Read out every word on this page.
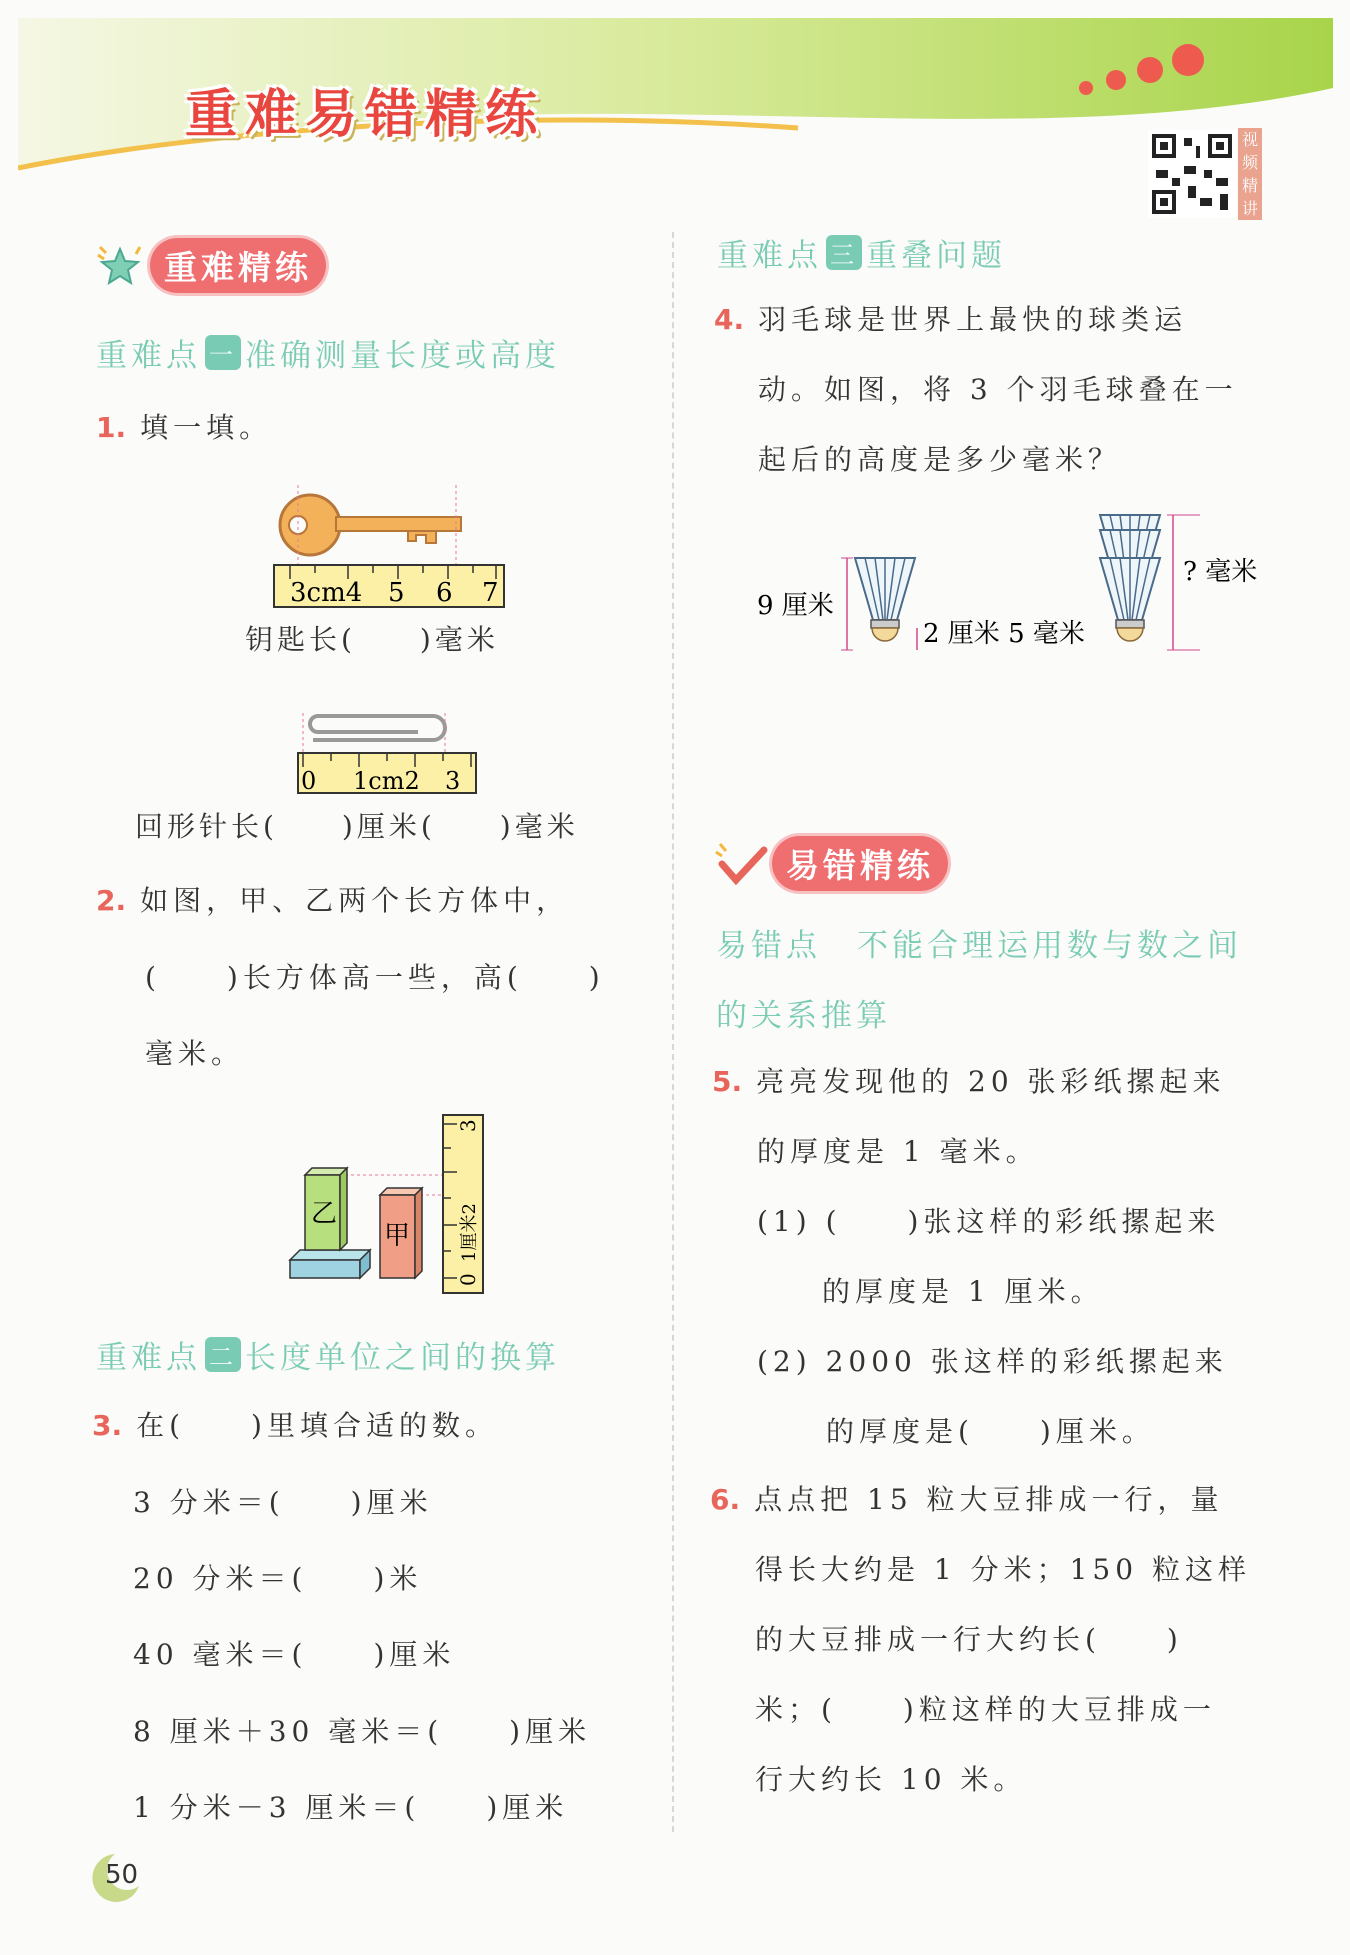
重难易错精练	视频精讲
重难精练
重难点 一 准确测量长度或高度
1. 填一填。
3cm4 5 6 7
钥匙长(　　)毫米
0 1cm2 3
回形针长(　　)厘米(　　)毫米
2. 如图，甲、乙两个长方体中，
(　　)长方体高一些，高(　　)
毫米。
乙
甲
0
1厘米2
3
重难点 二 长度单位之间的换算
3. 在(　　)里填合适的数。
3 分米＝(　　)厘米
20 分米＝(　　)米
40 毫米＝(　　)厘米
8 厘米＋30 毫米＝(　　)厘米
1 分米－3 厘米＝(　　)厘米
重难点 三 重叠问题
4. 羽毛球是世界上最快的球类运
动。如图，将 3 个羽毛球叠在一
起后的高度是多少毫米？
9 厘米
2 厘米 5 毫米
? 毫米
易错精练
易错点 不能合理运用数与数之间
的关系推算
5. 亮亮发现他的 20 张彩纸摞起来
的厚度是 1 毫米。
(1) (　　)张这样的彩纸摞起来
的厚度是 1 厘米。
(2) 2000 张这样的彩纸摞起来
的厚度是(　　)厘米。
6. 点点把 15 粒大豆排成一行，量
得长大约是 1 分米；150 粒这样
的大豆排成一行大约长(　　)
米；(　　)粒这样的大豆排成一
行大约长 10 米。
50
